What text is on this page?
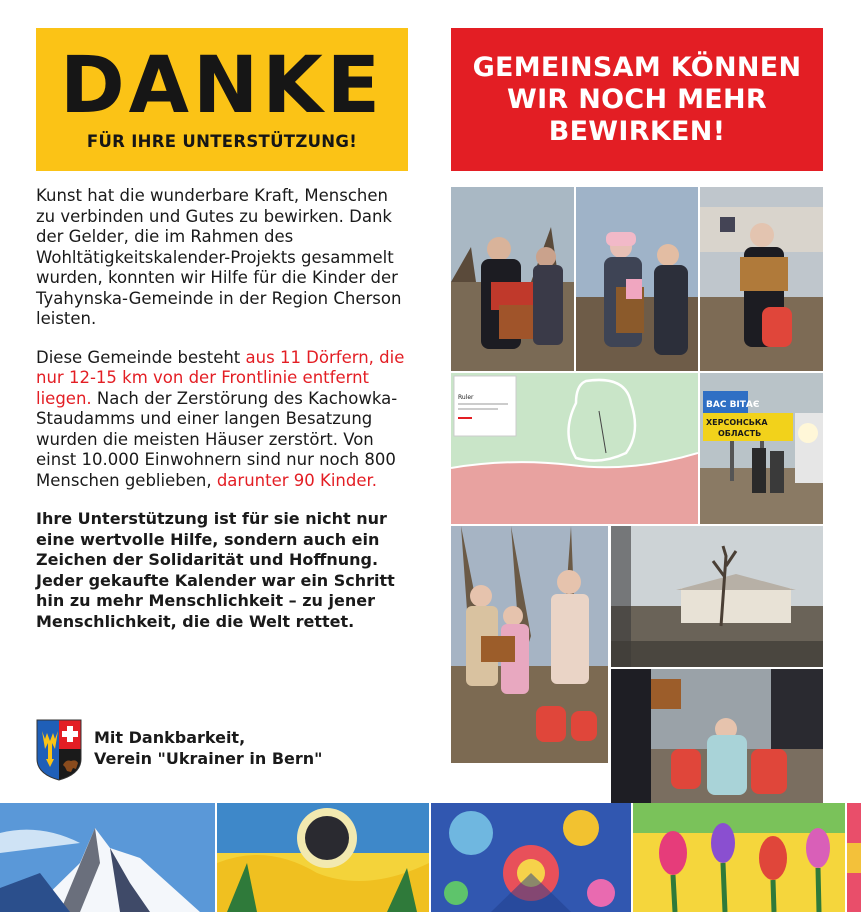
DANKE
FÜR IHRE UNTERSTÜTZUNG!
GEMEINSAM KÖNNEN
WIR NOCH MEHR
BEWIRKEN!

Kunst hat die wunderbare Kraft, Menschen zu verbinden und Gutes zu bewirken. Dank der Gelder, die im Rahmen des Wohltätigkeitskalender-Projekts gesammelt wurden, konnten wir Hilfe für die Kinder der Tyahynska-Gemeinde in der Region Cherson leisten.

Diese Gemeinde besteht aus 11 Dörfern, die nur 12-15 km von der Frontlinie entfernt liegen. Nach der Zerstörung des Kachowka- Staudamms und einer langen Besatzung wurden die meisten Häuser zerstört. Von einst 10.000 Einwohnern sind nur noch 800 Menschen geblieben, darunter 90 Kinder.

Ihre Unterstützung ist für sie nicht nur eine wertvolle Hilfe, sondern auch ein Zeichen der Solidarität und Hoffnung. Jeder gekaufte Kalender war ein Schritt hin zu mehr Menschlichkeit – zu jener Menschlichkeit, die die Welt rettet.

Mit Dankbarkeit,
Verein "Ukrainer in Bern"
Ruler
ВАС ВІТАЄ
ХЕРСОНСЬКА
ОБЛАСТЬ
